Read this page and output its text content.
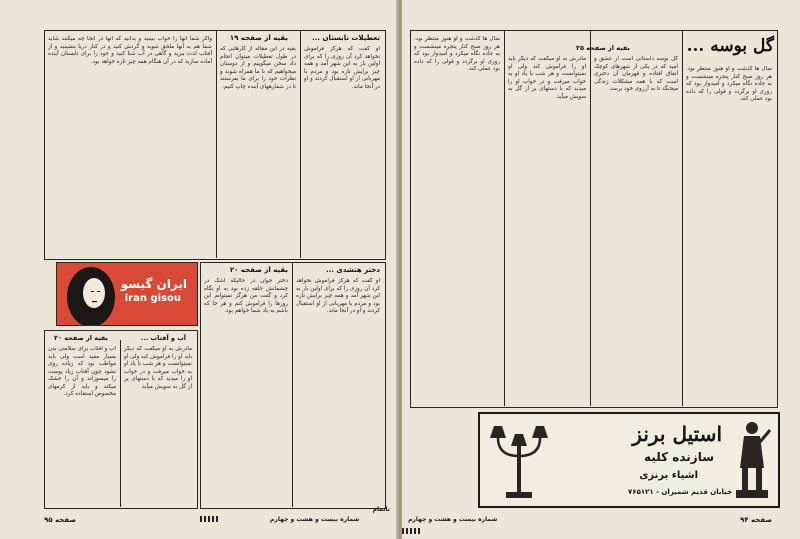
بقیه از صفحه ۱۹	تعطیلات تابستان ...
واگر شما آنها را خواب ببینید و بدانید که آنها در آنجا چه میکنند شاید شما هم به آنها ملحق شوید و گردش کنید و در کنار دریا بنشینید و از آفتاب لذت ببرید و گاهی در آب شنا کنید و خود را برای تابستان آینده آماده سازید که در آن هنگام همه چیز تازه خواهد بود.
بقیه در این مقاله از کارهایی که در طول تعطیلات میتوان انجام داد سخن میگوییم و از دوستان میخواهیم که با ما همراه شوند و نظرات خود را برای ما بفرستند تا در شمارههای آینده چاپ کنیم.
او گفت که هرگز فراموش نخواهد کرد آن روزی را که برای اولین بار به این شهر آمد و همه چیز برایش تازه بود و مردم با مهربانی از او استقبال کردند و او در آنجا ماند.
ایران گیسو
iran gisou
بقیه از صفحه ۲۰	دختر هنشدی ...
دختر جوان در حالیکه اشک در چشمانش حلقه زده بود به او نگاه کرد و گفت من هرگز نمیتوانم این روزها را فراموش کنم و هر جا که باشم به یاد شما خواهم بود.
او گفت که هرگز فراموش نخواهد کرد آن روزی را که برای اولین بار به این شهر آمد و همه چیز برایش تازه بود و مردم با مهربانی از او استقبال کردند و او در آنجا ماند.
بقیه از صفحه ۲۰	آب و آفتاب ...
آب و آفتاب برای سلامتی بدن بسیار مفید است ولی باید مواظب بود که زیاده روی نشود چون آفتاب زیاد پوست را میسوزاند و آن را خشک میکند و باید از کرمهای مخصوص استفاده کرد.
مادرش به او میگفت که دیگر باید او را فراموش کند ولی او نمیتوانست و هر شب با یاد او به خواب میرفت و در خواب او را میدید که با دستهای پر از گل به سویش میآید.
ناتمام
صفحه ۹۵	شماره بیست و هشت و چهارم
گل بوسه ...
بقیه از صفحه ۲۵
سال ها گذشت و او هنوز منتظر بود. هر روز صبح کنار پنجره مینشست و به جاده نگاه میکرد و امیدوار بود که روزی او برگردد و قولی را که داده بود عملی کند.
مادرش به او میگفت که دیگر باید او را فراموش کند ولی او نمیتوانست و هر شب با یاد او به خواب میرفت و در خواب او را میدید که با دستهای پر از گل به سویش میآید.
گل بوسه داستانی است از عشق و امید که در یکی از شهرهای کوچک اتفاق افتاده و قهرمان آن دختری است که با همه مشکلات زندگی میجنگد تا به آرزوی خود برسد.
سال ها گذشت و او هنوز منتظر بود. هر روز صبح کنار پنجره مینشست و به جاده نگاه میکرد و امیدوار بود که روزی او برگردد و قولی را که داده بود عملی کند.
استیل برنز
سازنده کلیه
اشیاء برنزی
خیابان قدیم شمیران - ۷۶۵۱۲۱
شماره بیست و هشت و چهارم	صفحه ۹۴
